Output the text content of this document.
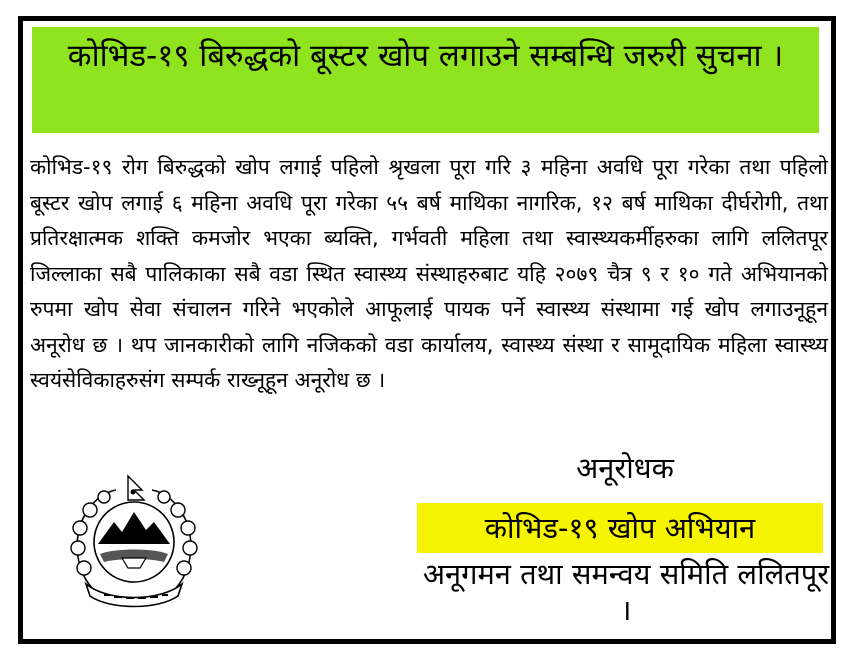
कोभिड-१९ बिरुद्धको बूस्टर खोप लगाउने सम्बन्धि जरुरी सुचना ।
कोभिड-१९ रोग बिरुद्धको खोप लगाई पहिलो श्रृखला पूरा गरि ३ महिना अवधि पूरा गरेका तथा पहिलो बूस्टर खोप लगाई ६ महिना अवधि पूरा गरेका ५५ बर्ष माथिका नागरिक, १२ बर्ष माथिका दीर्घरोगी, तथा प्रतिरक्षात्मक शक्ति कमजोर भएका ब्यक्ति, गर्भवती महिला तथा स्वास्थ्यकर्मीहरुका लागि ललितपूर जिल्लाका सबै पालिकाका सबै वडा स्थित स्वास्थ्य संस्थाहरुबाट यहि २०७९ चैत्र ९ र १० गते अभियानको रुपमा खोप सेवा संचालन गरिने भएकोले आफूलाई पायक पर्ने स्वास्थ्य संस्थामा गई खोप लगाउनूहून अनूरोध छ । थप जानकारीको लागि नजिकको वडा कार्यालय, स्वास्थ्य संस्था र सामूदायिक महिला स्वास्थ्य स्वयंसेविकाहरुसंग सम्पर्क राख्नूहून अनूरोध छ ।
अनूरोधक
कोभिड-१९ खोप अभियान
अनूगमन तथा समन्वय समिति ललितपूर ।
